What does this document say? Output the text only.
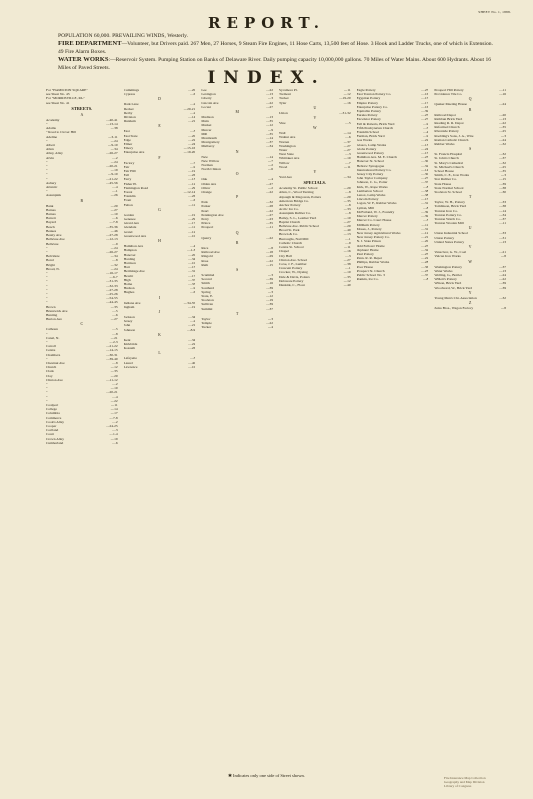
SHEET No. 1, 1888.
REPORT.
POPULATION 60,000. PREVAILING WINDS, Westerly.
FIRE DEPARTMENT—Volunteer, but Drivers paid. 267 Men, 27 Horses, 9 Steam Fire Engines, 11 Hose Carts, 13,500 feet of Hose. 3 Hook and Ladder Trucks, one of which is Extension. 49 Fire Alarm Boxes.
WATER WORKS:—Reservoir System. Pumping Station on Banks of Delaware River. Daily pumping capacity 10,000,000 gallons. 70 Miles of Water Mains. About 600 Hydrants. About 16 Miles of Paved Streets.
INDEX.
For "HAMILTON SQUARE"
see Sheet No. 43
For "MORRISVILLE, PA."
see Sheet No. 41
STREETS.
A
....40-41
Academy
....13-14
"
....38
Adams
" Road to Clover Hill
....3-11
Adeline
....24
"
....9-10
Albert
....34
Allen
....26-27
Alley, Alley
....2
Alvin
....24
"
....20-21
"
....19
"
....9-10
"
....21-22
"
....45-56
Asbury
....4
Atlantic
....1
"
....26
Assunpink
B
....20
Bank
....27
Barnes
....10
Barnes
....6
Barrett
....7-8
Bayard
....35-36
Beach
....46
Beakes
....27-28
Beatty Ave
....12-13
Bellevue Ave
....9
Bellevue
....24
"
....26-27
"
....34
Belvidere
....8
Bond
....32
Bright
....24
Broad, N.
....16-17
"
....6-7
"
....31-35
"
....32-33
"
....27-28
"
....25-26
"
....54-55
"
....44-45
"
....35
Brown
....5
Brunswick Ave
....6
Bunting
....27
Burton Ave
C
....5
Calhoun
....8
"
....21
Canal, N.
....2-3
"
....21-22
Carroll
....14-15
Centre
....30-31
Chambers
....39-40
"
....8
Chestnut Ave
....12
Church
....35
Clark
....20
Clay
....11-12
Clinton Ave
....2
"
....10
"
....20-21
"
....4
"
....22
"
....11
Coalport
....14
College
....17
Columbia
....7-8
Commerce
....2
Cook's Alley
....24-25
Cooper
....3
Cortland
....1-4
Court
....19
Crown Alley
....6
Cumberland
....20
Cummings
....6
Cypress
D
....2
Dark Lane
....20-21
Decker
....2
Derby
....14
Division
....21
Dunham
E
....3
East
....20
East State
....22
Edge
....24
Elmer
....15-16
Emory
....19-20
Enterprise Ave
F
....7
Factory
....9
Fair
....19
Fair Hill
....26
Fell
....13
Ferry
....12
Fisher Pl.
....29
Flemington Road
....12-14
Forest
....26
Franklin
....6
Front
....11
Fulton
G
....19
Garden
....29
Genesee
....17
Girard Ave
....11
Glendale
....12
Grand
....10
Greenwood Ave
H
....4
Hamilton Ave
....1-3
Hampton
....20
Hanover
....34
Harding
....10
Harrison
....15
Hart
....31
Hermitage Ave
....17
Hewitt
....37
High
....33
Home
....9
Hudson
....6
Hughes
I
....34-35
Indiana Ave
....19
Ingham
J
....34
Jackson
....2
Jersey
....21
John
....8-9
Johnson
K
....34
Kent
....22
Kirkbride
....26
Kossuth
L
....3
Lafayette
....40
Laurel
....10
Lawrence
....22
Lee
....13
Lexington
....3
Liberty
....22
Lincoln Ave
....27
Locust
M
....13
Madison
....35
Main
....12
Market
....9
Mercer
....35
Mill
....14
Monmouth
....37
Montgomery
....34
Mulberry
N
....14
New
....7
New Willow
....2
Norman
....6
North Clinton
O
....4
Oak
....27
Olden Ave
....2
Oliver
....22
Orange
P
....32
Park
....28
Parker
....22
Pearl
....27
Pennington Ave
....23
Perry
....35
Prince
....11
Prospect
Q
....22
Quarry
R
....8
Race
....18
Railroad Ave
....29
Ringold
....22
Rose
....15
Ruth
S
....3
Scammel
....39
Second
....16
Smith
....39
Southard
....3
Spring
....12
State, E.
....19
Stockton
....39
Sullivan
....37
Summit
T
....3
Taylor
....22
Temple
....4
Tucker
....11
Sycamore Pl.
....12
Tremont
....19-20
Tucker
....16
Tyler
U
....31-32
Union
V
....5
Vine
W
....14
Wall
....6
Walnut Ave
....37
Warren
....27
Washington
....27
Water
....3
West State
....10
Whittaker Ave
....7
Willow
....11
Wood
Y
....34
Yard Ave
SPECIALS.
....20
Academy St. Public School
....8
Allen, C., Wood Turning
....20
Alpaugh & Magowan, Potters
....35
American Bridge Co.
....8
Anchor Pottery
....33
Arctic Ice Co.
....8
Assunpink Rubber Co.
....10
Bailey, S. L., Leather Yard
....27
Baptist Church
....20
Bellevue Ave. Public School
....40
Broad St. Park
....13
Brown & Co.
....1
Burroughs, Nail Mill
....9
Catholic Church
....11
Centre St. School
....16
Chapel
....3
City Hall
....27
Clinton Ave. School
....38
Coxe, J. F., Lumber
....1
Crescent Pottery
....10
Crocker, W., Dyeing
....35
Dale & Davis, Potters
....12
Delaware Pottery
....40
Dunkirk, C., Flour
....25
Eagle Pottery
....16
East Trenton Pottery Co.
....15
Egyptian Pottery
....17
Empire Pottery
....16
Enterprise Pottery Co.
....39
Equitable Pottery
....25
Eureka Pottery
....27
Excelsior Pottery
....9
Fell & Roberts, Brick Yard
....5
Fifth Presbyterian Church
....4
Franklin School
....9
Furman, Brick Yard
....22
Gas Works
....13
Glasco, Lamp Works
....24
Globe Pottery
....15
Greenwood Pottery
....23
Hamilton Ave. M. E. Church
....30
Hanover St. School
....32
Hebrew Synagogue
....14
International Pottery Co.
....30
Jersey City Pottery
....27
John Taylor Company
....37
Johnson, C. G., Potter
....8
Kirk, W., Rope Works
....38
Lamberton School
....38
Lenox, Lamp Works
....15
Lincoln Pottery
....31
Logan, W. F., Rubber Works
....8
Lyman, Mill
....39
McFarland, W. J., Foundry
....39
Mercer Pottery
....3
Mercer Co. Court House
....11
Millham Pottery
....31
Moses, J., Pottery
....12
New Jersey Agricultural Works
....21
New Jersey Pottery Co.
....20
N. J. State Prison
....25
Odd Fellows' Home
....32
Orphans' Home
....25
Paul Pottery
....22
Penn. R. R. Depot
....28
Phillips, Rubber Works
....36
Poor House
....23
Prospect St. Church
....37
Public School No. 3
....8
Rankin, Ice Co.
....11
Prospect Hill Pottery
....16
Providence Tile Co.
Q
....24
Quaker Meeting House
R
....20
Railroad Depot
....13
Rathbun Brick Yard
....22
Reading R. R. Depot
....35
Reformed Church
....25
Riverside Pottery
....3
Roebling's Sons, J. A., Wire
....24
Roman Catholic Church
....32
Rubber Works
S
....32
St. Francis Hospital
....37
St. John's Church
....32
St. Mary's Cathedral
....25
St. Michael's Church
....35
School House
....3
Smith, C. E., Iron Works
....15
Star Rubber Co.
....39
State House
....38
State Normal School
....30
Stockton St. School
T
....33
Taylor, W. H., Pottery
....38
Tomlinson, Brick Yard
....14
Trenton Iron Co.
....34
Trenton Pottery Co.
....37
Trenton Watch Co.
....11
Trenton Woolen Mill
U
....33
Union Industrial School
....31
Union Pottery
....13
United States Pottery
V
....21
Vansciver, G. W., Coal
....8
Vulcan Iron Works
W
....37
Washington Pottery
....13
Water Works
....24
Welling, G., Bottler
....22
Willett's Pottery
....39
Wilson, Brick Yard
....39
Woodward, W., Brick Yard
Y
....32
Young Men's Chr. Association
Z
....8
Zeiss Bros., Wagon Factory
✱ Indicates only one side of Street shown.	Fire Insurance Map Collection
Geography and Map Division
Library of Congress
